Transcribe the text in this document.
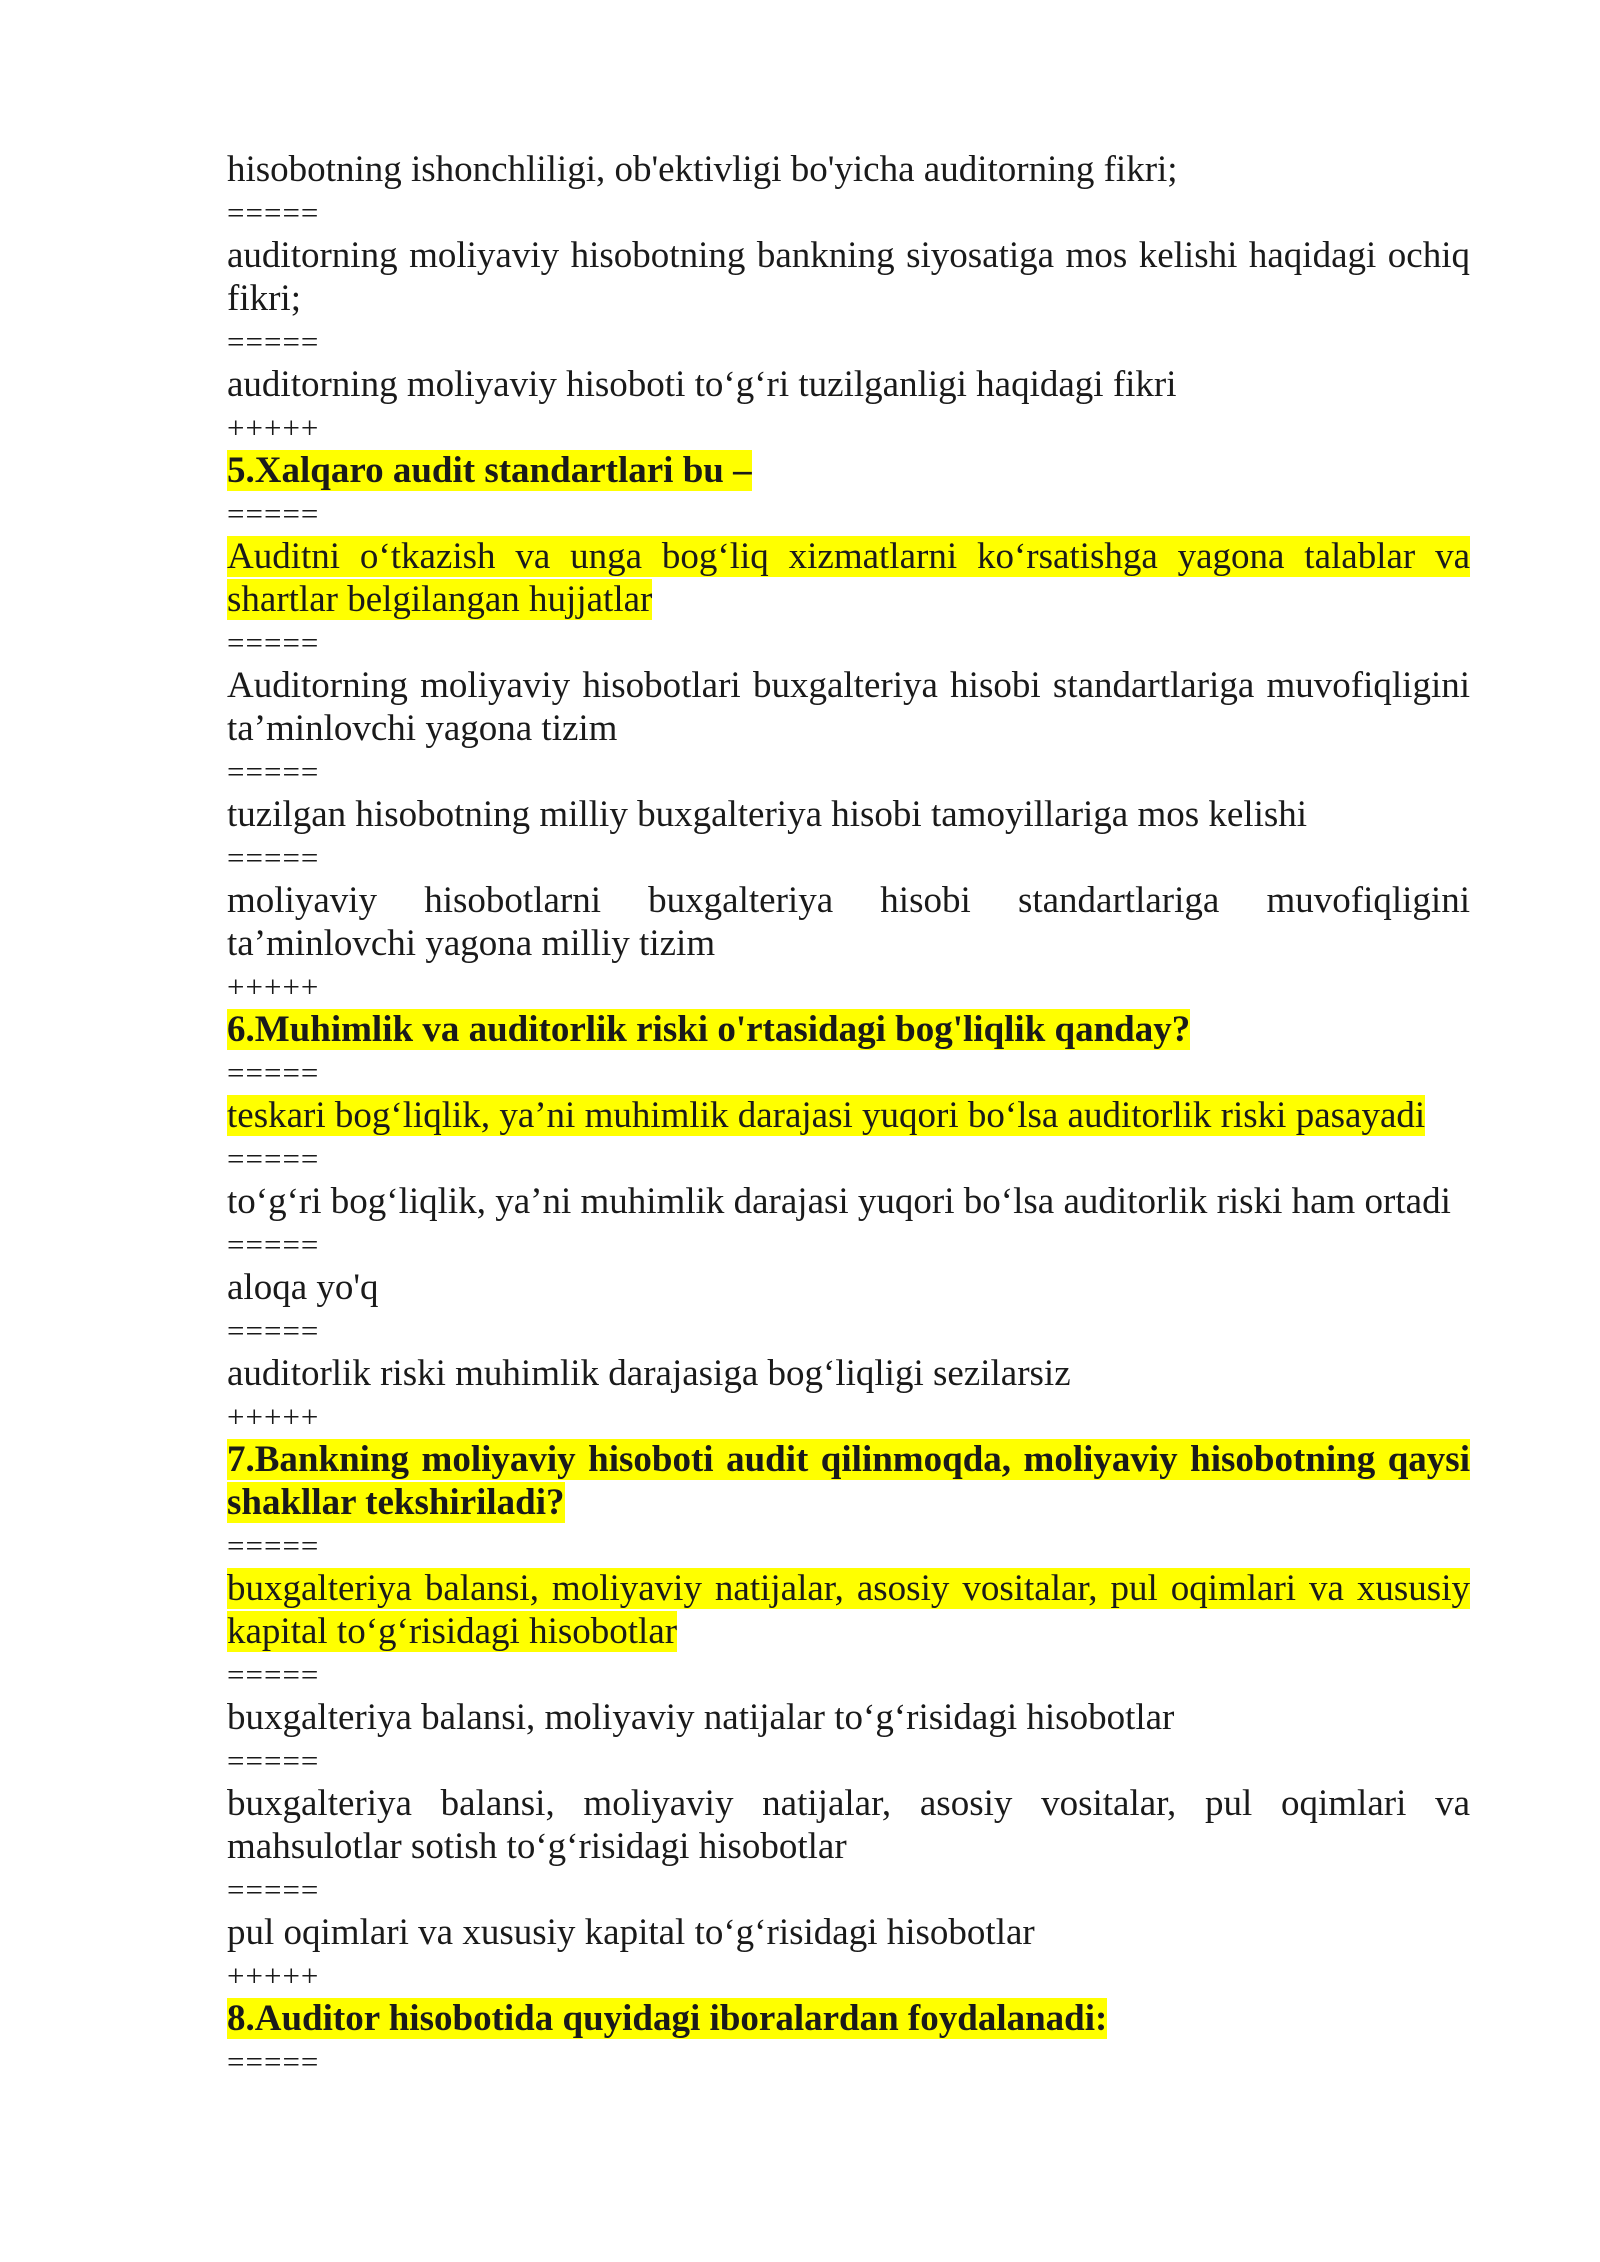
hisobotning ishonchliligi, ob'ektivligi bo'yicha auditorning fikri;

=====

auditorning moliyaviy hisobotning bankning siyosatiga mos kelishi haqidagi ochiq fikri;

=====

auditorning moliyaviy hisoboti to‘g‘ri tuzilganligi haqidagi fikri

+++++

5.Xalqaro audit standartlari bu –

=====

Auditni o‘tkazish va unga bog‘liq xizmatlarni ko‘rsatishga yagona talablar va shartlar belgilangan hujjatlar

=====

Auditorning moliyaviy hisobotlari buxgalteriya hisobi standartlariga muvofiqligini ta’minlovchi yagona tizim

=====

tuzilgan hisobotning milliy buxgalteriya hisobi tamoyillariga mos kelishi

=====

moliyaviy hisobotlarni buxgalteriya hisobi standartlariga muvofiqligini ta’minlovchi yagona milliy tizim

+++++

6.Muhimlik va auditorlik riski o'rtasidagi bog'liqlik qanday?

=====

teskari bog‘liqlik, ya’ni muhimlik darajasi yuqori bo‘lsa auditorlik riski pasayadi

=====

to‘g‘ri bog‘liqlik, ya’ni muhimlik darajasi yuqori bo‘lsa auditorlik riski ham ortadi

=====

aloqa yo'q

=====

auditorlik riski muhimlik darajasiga bog‘liqligi sezilarsiz

+++++

7.Bankning moliyaviy hisoboti audit qilinmoqda, moliyaviy hisobotning qaysi shakllar tekshiriladi?

=====

buxgalteriya balansi, moliyaviy natijalar, asosiy vositalar, pul oqimlari va xususiy kapital to‘g‘risidagi hisobotlar

=====

buxgalteriya balansi, moliyaviy natijalar to‘g‘risidagi hisobotlar

=====

buxgalteriya balansi, moliyaviy natijalar, asosiy vositalar, pul oqimlari va mahsulotlar sotish to‘g‘risidagi hisobotlar

=====

pul oqimlari va xususiy kapital to‘g‘risidagi hisobotlar

+++++

8.Auditor hisobotida quyidagi iboralardan foydalanadi:

=====
